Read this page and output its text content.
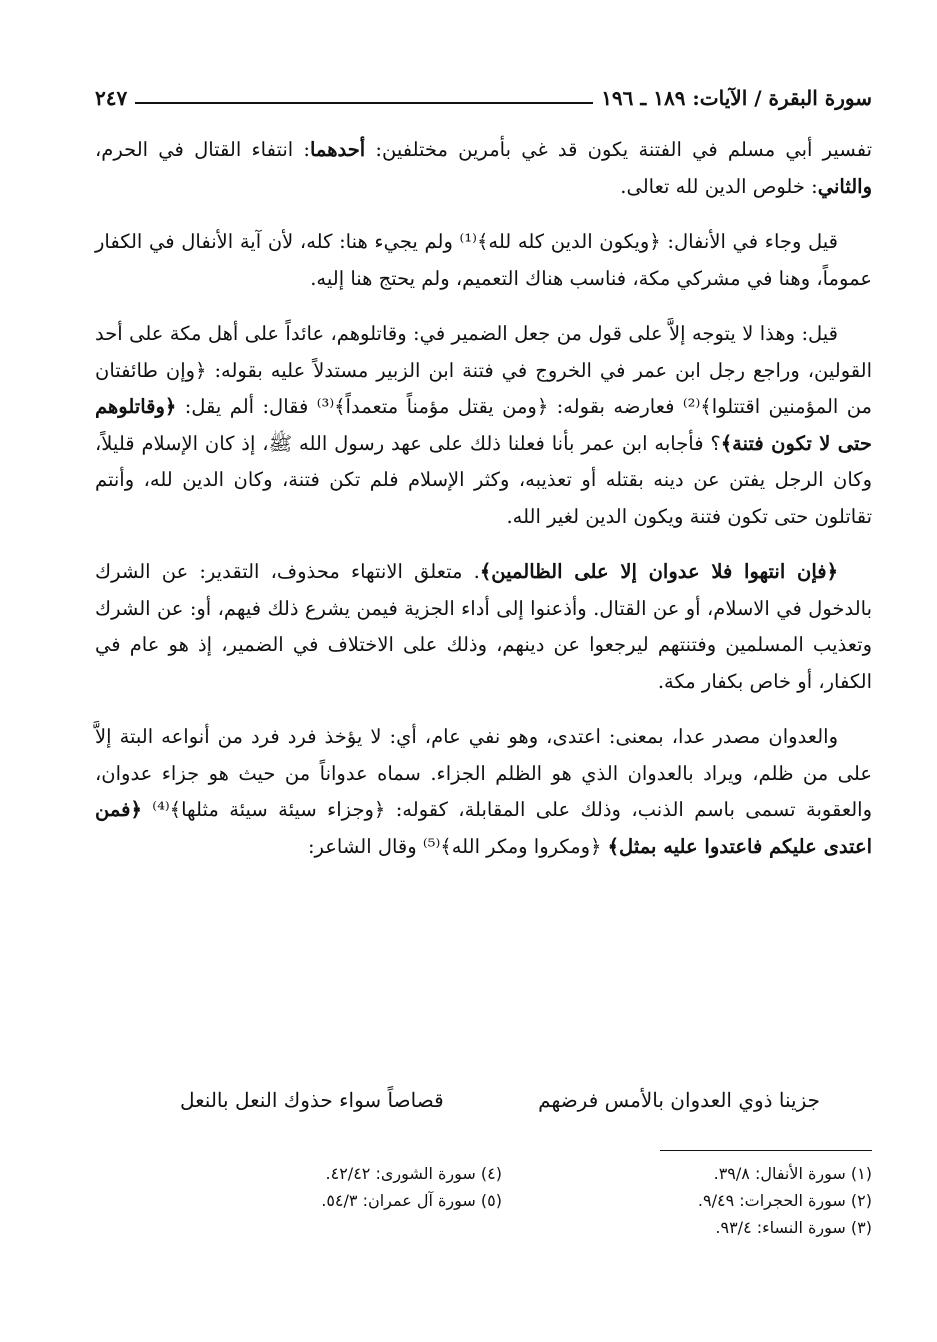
سورة البقرة / الآيات: ١٨٩ ـ ١٩٦
٢٤٧

تفسير أبي مسلم في الفتنة يكون قد غي بأمرين مختلفين: أحدهما: انتفاء القتال في الحرم، والثاني: خلوص الدين لله تعالى.

قيل وجاء في الأنفال: ﴿ويكون الدين كله لله﴾⁽¹⁾ ولم يجيء هنا: كله، لأن آية الأنفال في الكفار عموماً، وهنا في مشركي مكة، فناسب هناك التعميم، ولم يحتج هنا إليه.

قيل: وهذا لا يتوجه إلاَّ على قول من جعل الضمير في: وقاتلوهم، عائداً على أهل مكة على أحد القولين، وراجع رجل ابن عمر في الخروج في فتنة ابن الزبير مستدلاً عليه بقوله: ﴿وإن طائفتان من المؤمنين اقتتلوا﴾⁽²⁾ فعارضه بقوله: ﴿ومن يقتل مؤمناً متعمداً﴾⁽³⁾ فقال: ألم يقل: ﴿وقاتلوهم حتى لا تكون فتنة﴾؟ فأجابه ابن عمر بأنا فعلنا ذلك على عهد رسول الله ﷺ، إذ كان الإسلام قليلاً، وكان الرجل يفتن عن دينه بقتله أو تعذيبه، وكثر الإسلام فلم تكن فتنة، وكان الدين لله، وأنتم تقاتلون حتى تكون فتنة ويكون الدين لغير الله.

﴿فإن انتهوا فلا عدوان إلا على الظالمين﴾. متعلق الانتهاء محذوف، التقدير: عن الشرك بالدخول في الاسلام، أو عن القتال. وأذعنوا إلى أداء الجزية فيمن يشرع ذلك فيهم، أو: عن الشرك وتعذيب المسلمين وفتنتهم ليرجعوا عن دينهم، وذلك على الاختلاف في الضمير، إذ هو عام في الكفار، أو خاص بكفار مكة.

والعدوان مصدر عدا، بمعنى: اعتدى، وهو نفي عام، أي: لا يؤخذ فرد فرد من أنواعه البتة إلاَّ على من ظلم، ويراد بالعدوان الذي هو الظلم الجزاء. سماه عدواناً من حيث هو جزاء عدوان، والعقوبة تسمى باسم الذنب، وذلك على المقابلة، كقوله: ﴿وجزاء سيئة سيئة مثلها﴾⁽⁴⁾ ﴿فمن اعتدى عليكم فاعتدوا عليه بمثل﴾ ﴿ومكروا ومكر الله﴾⁽⁵⁾ وقال الشاعر:

جزينا ذوي العدوان بالأمس فرضهم
قصاصاً سواء حذوك النعل بالنعل
(١) سورة الأنفال: ٣٩/٨.
(٢) سورة الحجرات: ٩/٤٩.
(٣) سورة النساء: ٩٣/٤.
(٤) سورة الشورى: ٤٢/٤٢.
(٥) سورة آل عمران: ٥٤/٣.
